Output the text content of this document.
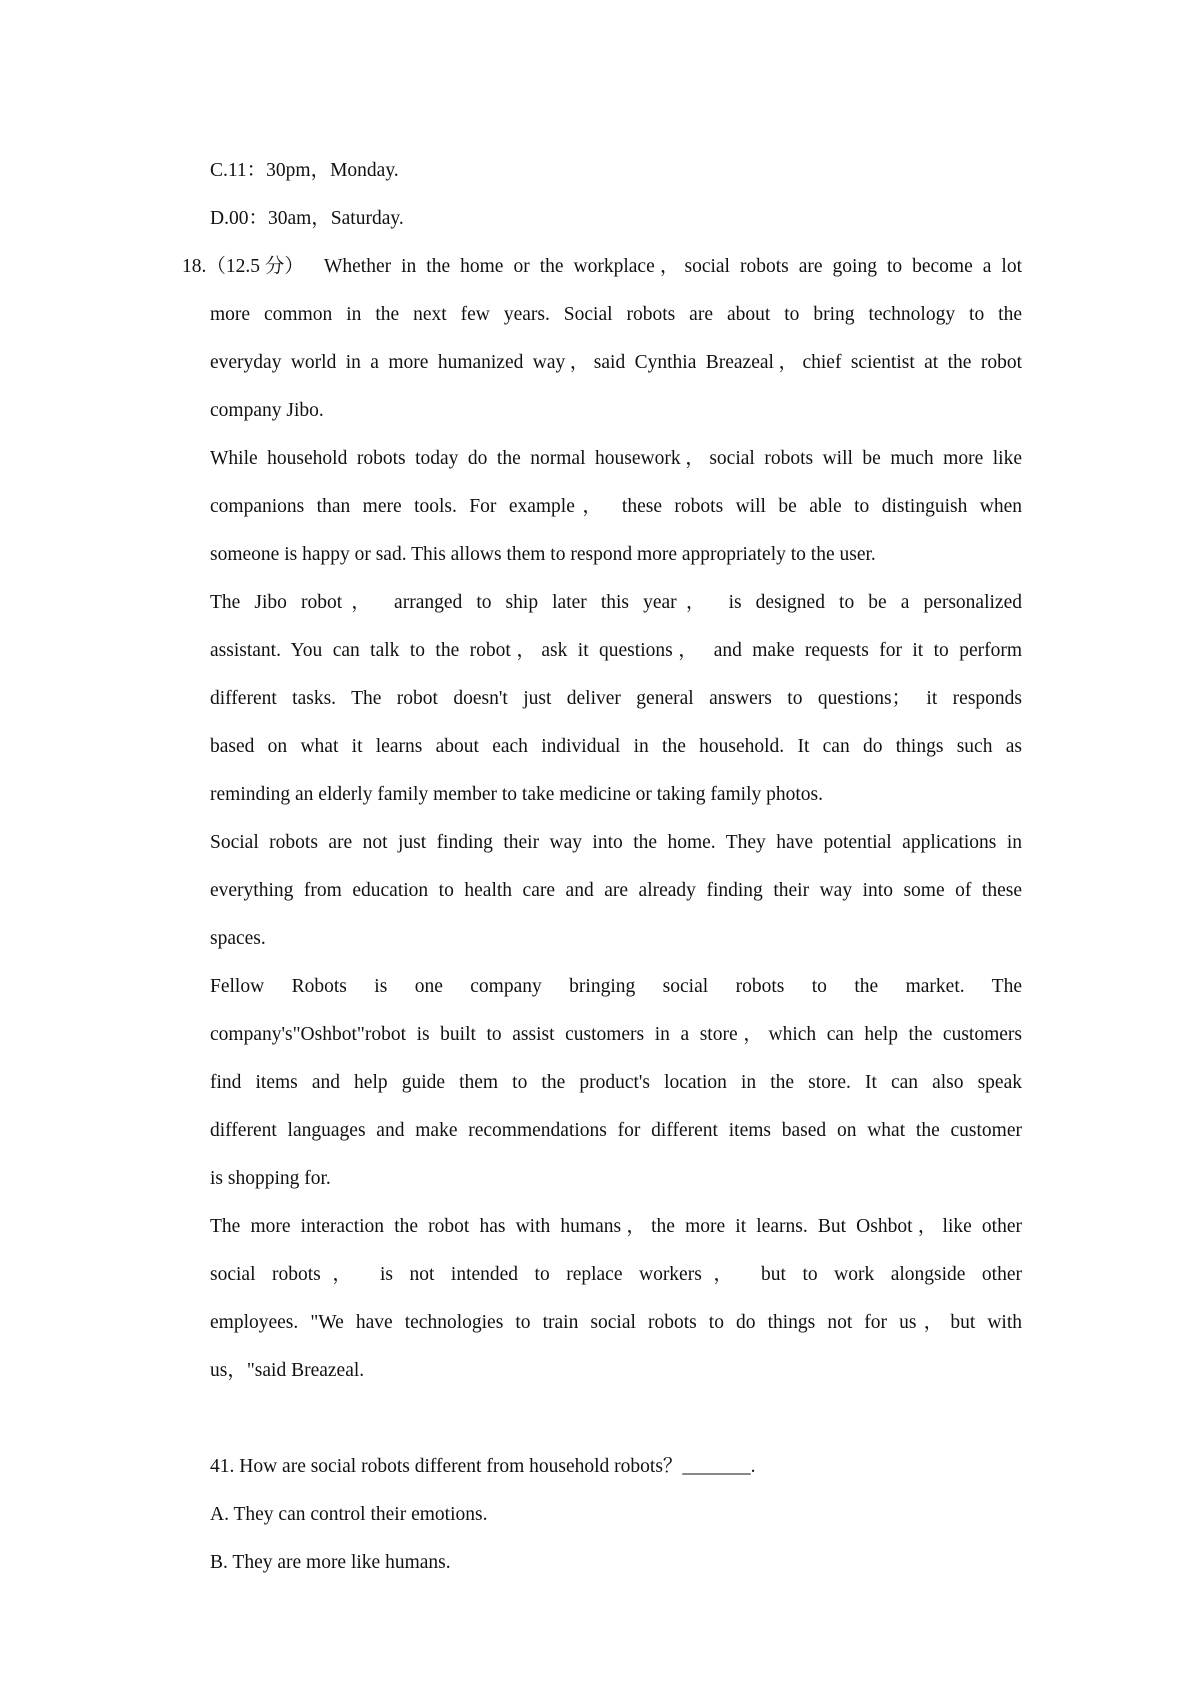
C.11：30pm，Monday.
D.00：30am，Saturday.
18.（12.5 分） Whether in the home or the workplace，social robots are going to become a lot
more common in the next few years. Social robots are about to bring technology to the
everyday world in a more humanized way，said Cynthia Breazeal，chief scientist at the robot
company Jibo.
While household robots today do the normal housework，social robots will be much more like
companions than mere tools. For example， these robots will be able to distinguish when
someone is happy or sad. This allows them to respond more appropriately to the user.
The Jibo robot， arranged to ship later this year， is designed to be a personalized
assistant. You can talk to the robot，ask it questions， and make requests for it to perform
different tasks. The robot doesn't just deliver general answers to questions； it responds
based on what it learns about each individual in the household. It can do things such as
reminding an elderly family member to take medicine or taking family photos.
Social robots are not just finding their way into the home. They have potential applications in
everything from education to health care and are already finding their way into some of these
spaces.
Fellow Robots is one company bringing social robots to the market. The
company's"Oshbot"robot is built to assist customers in a store，which can help the customers
find items and help guide them to the product's location in the store. It can also speak
different languages and make recommendations for different items based on what the customer
is shopping for.
The more interaction the robot has with humans，the more it learns. But Oshbot，like other
social robots， is not intended to replace workers， but to work alongside other
employees. "We have technologies to train social robots to do things not for us，but with
us，"said Breazeal.
41. How are social robots different from household robots？_______.
A. They can control their emotions.
B. They are more like humans.
